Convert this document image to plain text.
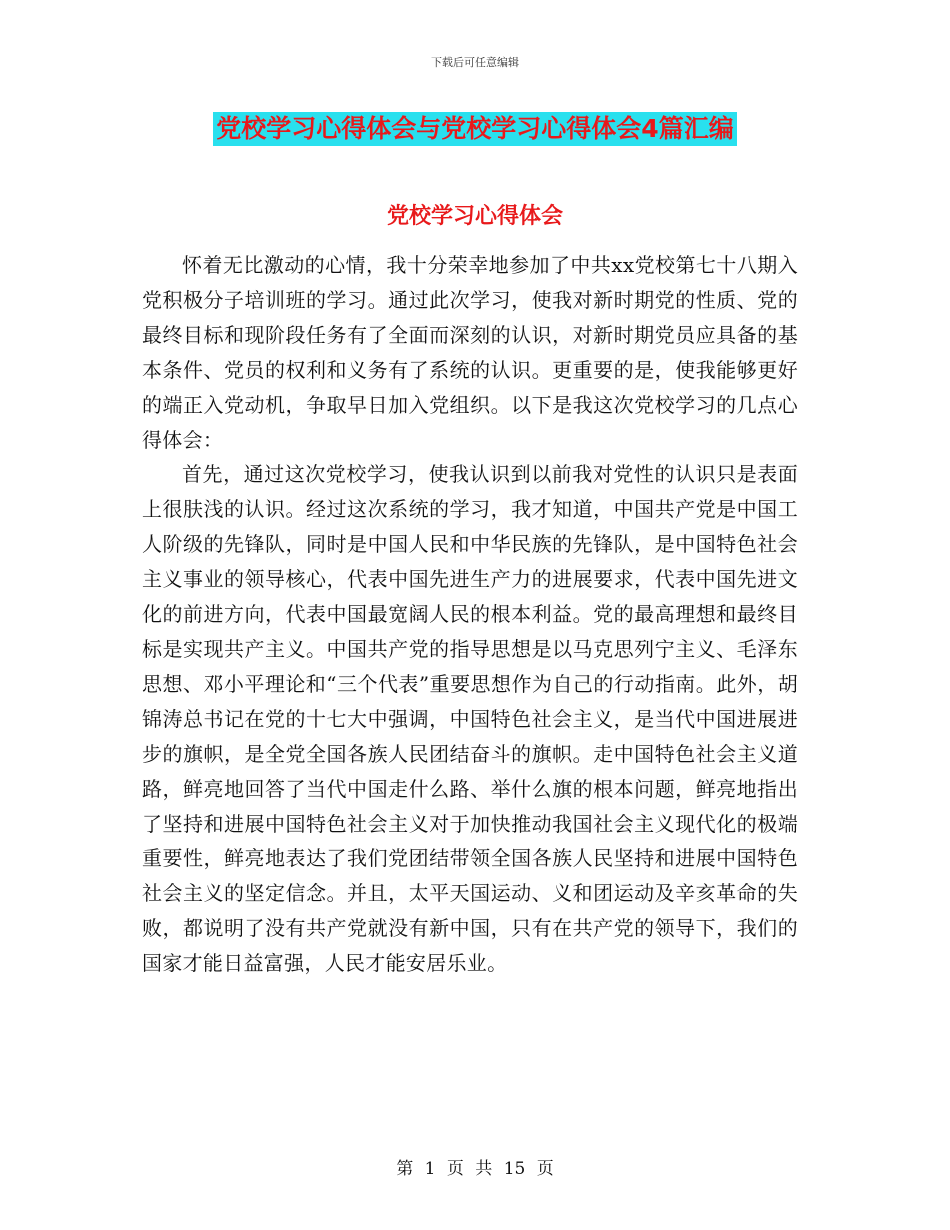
下载后可任意编辑
党校学习心得体会与党校学习心得体会4篇汇编
党校学习心得体会

怀着无比激动的心情，我十分荣幸地参加了中共xx党校第七十八期入党积极分子培训班的学习。通过此次学习，使我对新时期党的性质、党的最终目标和现阶段任务有了全面而深刻的认识，对新时期党员应具备的基本条件、党员的权利和义务有了系统的认识。更重要的是，使我能够更好的端正入党动机，争取早日加入党组织。以下是我这次党校学习的几点心得体会：

首先，通过这次党校学习，使我认识到以前我对党性的认识只是表面上很肤浅的认识。经过这次系统的学习，我才知道，中国共产党是中国工人阶级的先锋队，同时是中国人民和中华民族的先锋队，是中国特色社会主义事业的领导核心，代表中国先进生产力的进展要求，代表中国先进文化的前进方向，代表中国最宽阔人民的根本利益。党的最高理想和最终目标是实现共产主义。中国共产党的指导思想是以马克思列宁主义、毛泽东思想、邓小平理论和“三个代表”重要思想作为自己的行动指南。此外，胡锦涛总书记在党的十七大中强调，中国特色社会主义，是当代中国进展进步的旗帜，是全党全国各族人民团结奋斗的旗帜。走中国特色社会主义道路，鲜亮地回答了当代中国走什么路、举什么旗的根本问题，鲜亮地指出了坚持和进展中国特色社会主义对于加快推动我国社会主义现代化的极端重要性，鲜亮地表达了我们党团结带领全国各族人民坚持和进展中国特色社会主义的坚定信念。并且，太平天国运动、义和团运动及辛亥革命的失败，都说明了没有共产党就没有新中国，只有在共产党的领导下，我们的国家才能日益富强，人民才能安居乐业。

第 1 页 共 15 页
